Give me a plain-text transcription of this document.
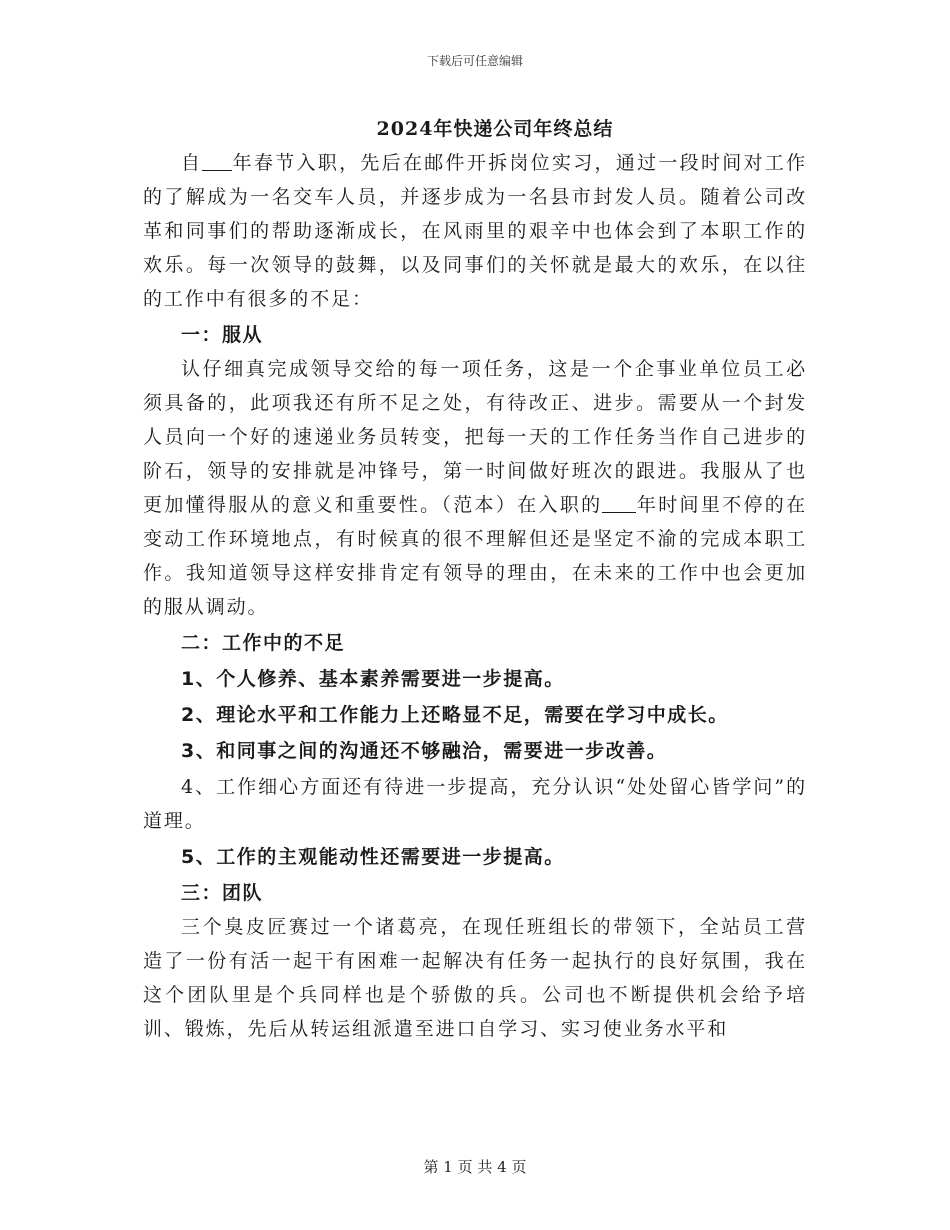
下载后可任意编辑
2024年快递公司年终总结

自 年春节入职，先后在邮件开拆岗位实习，通过一段时间对工作的了解成为一名交车人员，并逐步成为一名县市封发人员。随着公司改革和同事们的帮助逐渐成长，在风雨里的艰辛中也体会到了本职工作的欢乐。每一次领导的鼓舞，以及同事们的关怀就是最大的欢乐，在以往的工作中有很多的不足：

一：服从

认仔细真完成领导交给的每一项任务，这是一个企事业单位员工必须具备的，此项我还有所不足之处，有待改正、进步。需要从一个封发人员向一个好的速递业务员转变，把每一天的工作任务当作自己进步的阶石，领导的安排就是冲锋号，第一时间做好班次的跟进。我服从了也更加懂得服从的意义和重要性。（范本）在入职的 年时间里不停的在变动工作环境地点，有时候真的很不理解但还是坚定不渝的完成本职工作。我知道领导这样安排肯定有领导的理由，在未来的工作中也会更加的服从调动。

二：工作中的不足

1、个人修养、基本素养需要进一步提高。

2、理论水平和工作能力上还略显不足，需要在学习中成长。

3、和同事之间的沟通还不够融洽，需要进一步改善。

4、工作细心方面还有待进一步提高，充分认识“处处留心皆学问”的道理。

5、工作的主观能动性还需要进一步提高。

三：团队

三个臭皮匠赛过一个诸葛亮，在现任班组长的带领下，全站员工营造了一份有活一起干有困难一起解决有任务一起执行的良好氛围，我在这个团队里是个兵同样也是个骄傲的兵。公司也不断提供机会给予培训、锻炼，先后从转运组派遣至进口自学习、实习使业务水平和

第 1 页 共 4 页
